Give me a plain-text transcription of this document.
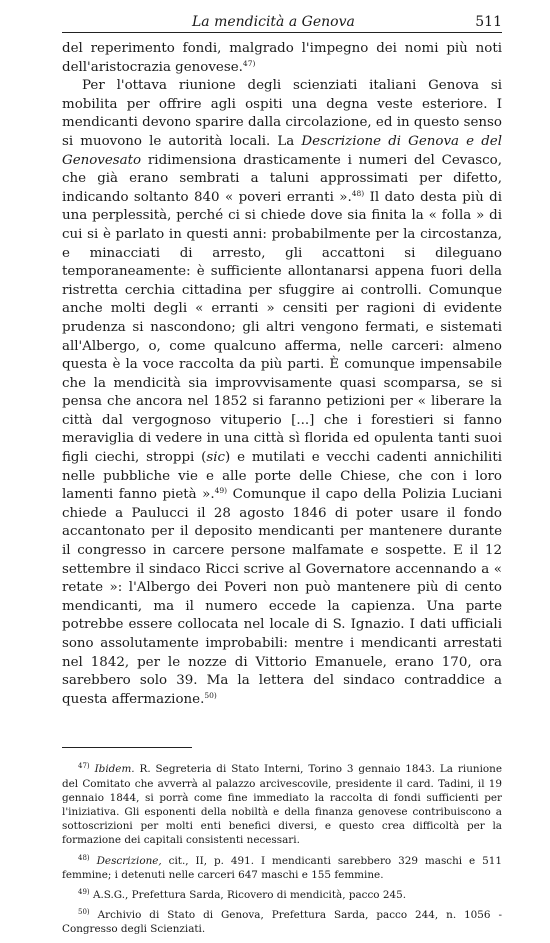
La mendicità a Genova	511

del reperimento fondi, malgrado l'impegno dei nomi più noti dell'aristocrazia genovese.$^{47)}$

Per l'ottava riunione degli scienziati italiani Genova si mobilita per offrire agli ospiti una degna veste esteriore. I mendicanti devono sparire dalla circolazione, ed in questo senso si muovono le autorità locali. La Descrizione di Genova e del Genovesato ridimensiona drasticamente i numeri del Cevasco, che già erano sembrati a taluni approssimati per difetto, indicando soltanto 840 « poveri erranti ».$^{48)}$ Il dato desta più di una perplessità, perché ci si chiede dove sia finita la « folla » di cui si è parlato in questi anni: probabilmente per la circostanza, e minacciati di arresto, gli accattoni si dileguano temporaneamente: è sufficiente allontanarsi appena fuori della ristretta cerchia cittadina per sfuggire ai controlli. Comunque anche molti degli « erranti » censiti per ragioni di evidente prudenza si nascondono; gli altri vengono fermati, e sistemati all'Albergo, o, come qualcuno afferma, nelle carceri: almeno questa è la voce raccolta da più parti. È comunque impensabile che la mendicità sia improvvisamente quasi scomparsa, se si pensa che ancora nel 1852 si faranno petizioni per « liberare la città dal vergognoso vituperio [...] che i forestieri si fanno meraviglia di vedere in una città sì florida ed opulenta tanti suoi figli ciechi, stroppi (sic) e mutilati e vecchi cadenti annichiliti nelle pubbliche vie e alle porte delle Chiese, che con i loro lamenti fanno pietà ».$^{49)}$ Comunque il capo della Polizia Luciani chiede a Paulucci il 28 agosto 1846 di poter usare il fondo accantonato per il deposito mendicanti per mantenere durante il congresso in carcere persone malfamate e sospette. E il 12 settembre il sindaco Ricci scrive al Governatore accennando a « retate »: l'Albergo dei Poveri non può mantenere più di cento mendicanti, ma il numero eccede la capienza. Una parte potrebbe essere collocata nel locale di S. Ignazio. I dati ufficiali sono assolutamente improbabili: mentre i mendicanti arrestati nel 1842, per le nozze di Vittorio Emanuele, erano 170, ora sarebbero solo 39. Ma la lettera del sindaco contraddice a questa affermazione.$^{50)}$

$^{47)}$ Ibidem. R. Segreteria di Stato Interni, Torino 3 gennaio 1843. La riunione del Comitato che avverrà al palazzo arcivescovile, presidente il card. Tadini, il 19 gennaio 1844, si porrà come fine immediato la raccolta di fondi sufficienti per l'iniziativa. Gli esponenti della nobiltà e della finanza genovese contribuiscono a sottoscrizioni per molti enti benefici diversi, e questo crea difficoltà per la formazione dei capitali consistenti necessari.

$^{48)}$ Descrizione, cit., II, p. 491. I mendicanti sarebbero 329 maschi e 511 femmine; i detenuti nelle carceri 647 maschi e 155 femmine.

$^{49)}$ A.S.G., Prefettura Sarda, Ricovero di mendicità, pacco 245.

$^{50)}$ Archivio di Stato di Genova, Prefettura Sarda, pacco 244, n. 1056 - Congresso degli Scienziati.
